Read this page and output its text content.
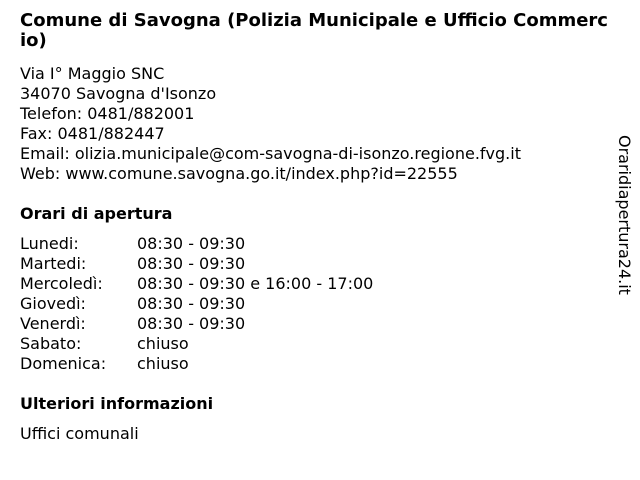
Comune di Savogna (Polizia Municipale e Ufficio Commercio)
Via I° Maggio SNC
34070 Savogna d'Isonzo
Telefon: 0481/882001
Fax: 0481/882447
Email: olizia.municipale@com-savogna-di-isonzo.regione.fvg.it
Web: www.comune.savogna.go.it/index.php?id=22555
Orari di apertura
Lunedi:	08:30 - 09:30
Martedi:	08:30 - 09:30
Mercoledì: 08:30 - 09:30 e 16:00 - 17:00
Giovedì:	08:30 - 09:30
Venerdì:	08:30 - 09:30
Sabato:	chiuso
Domenica: chiuso
Ulteriori informazioni
Uffici comunali
Oraridiapertura24.it
